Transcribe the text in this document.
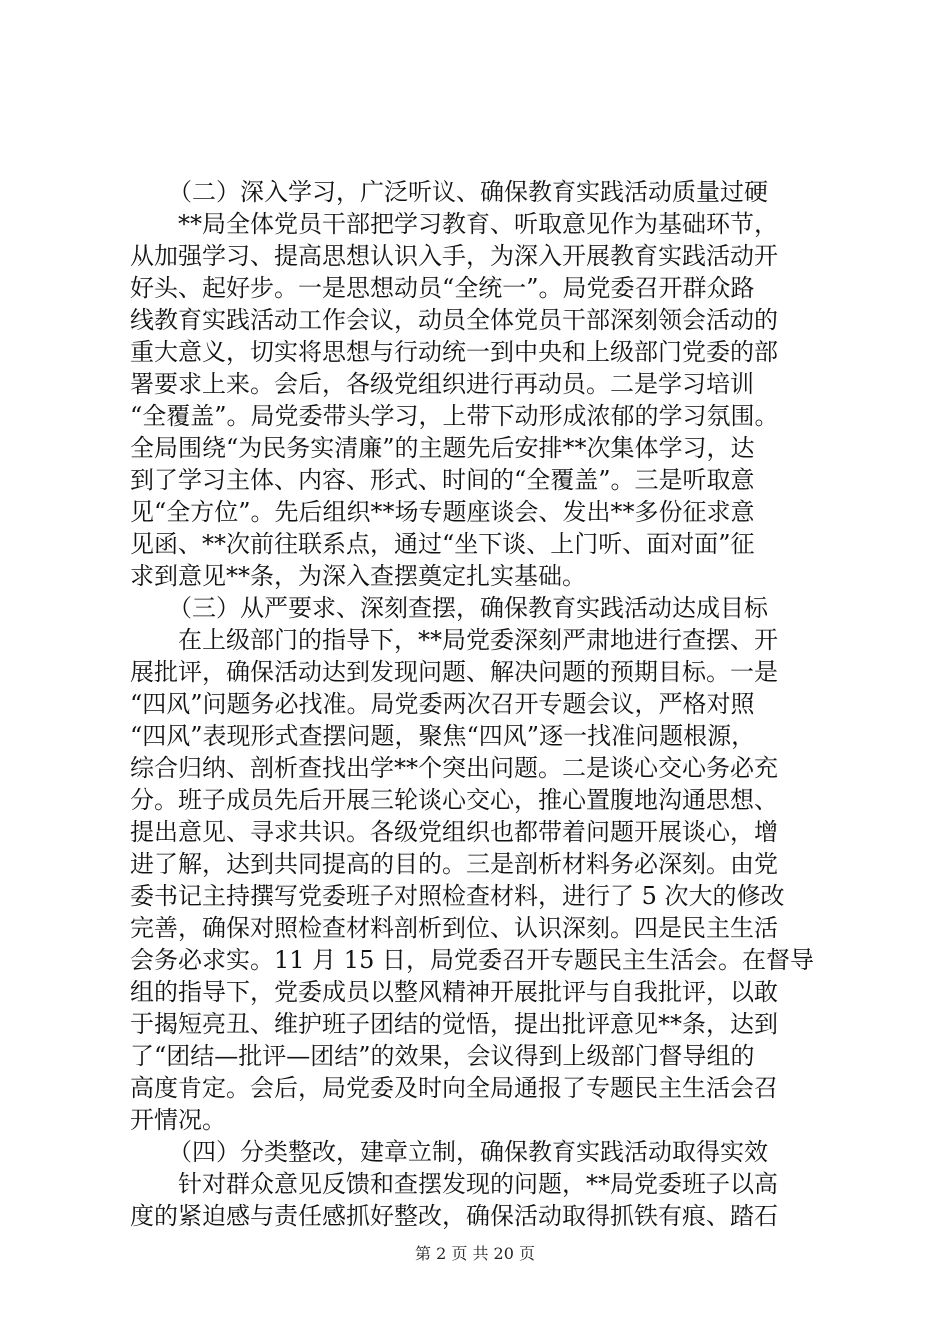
（二）深入学习，广泛听议、确保教育实践活动质量过硬
**局全体党员干部把学习教育、听取意见作为基础环节，
从加强学习、提高思想认识入手，为深入开展教育实践活动开
好头、起好步。一是思想动员“全统一”。局党委召开群众路
线教育实践活动工作会议，动员全体党员干部深刻领会活动的
重大意义，切实将思想与行动统一到中央和上级部门党委的部
署要求上来。会后，各级党组织进行再动员。二是学习培训
“全覆盖”。局党委带头学习，上带下动形成浓郁的学习氛围。
全局围绕“为民务实清廉”的主题先后安排**次集体学习，达
到了学习主体、内容、形式、时间的“全覆盖”。三是听取意
见“全方位”。先后组织**场专题座谈会、发出**多份征求意
见函、**次前往联系点，通过“坐下谈、上门听、面对面”征
求到意见**条，为深入查摆奠定扎实基础。
（三）从严要求、深刻查摆，确保教育实践活动达成目标
在上级部门的指导下，**局党委深刻严肃地进行查摆、开
展批评，确保活动达到发现问题、解决问题的预期目标。一是
“四风”问题务必找准。局党委两次召开专题会议，严格对照
“四风”表现形式查摆问题，聚焦“四风”逐一找准问题根源，
综合归纳、剖析查找出学**个突出问题。二是谈心交心务必充
分。班子成员先后开展三轮谈心交心，推心置腹地沟通思想、
提出意见、寻求共识。各级党组织也都带着问题开展谈心，增
进了解，达到共同提高的目的。三是剖析材料务必深刻。由党
委书记主持撰写党委班子对照检查材料，进行了 5 次大的修改
完善，确保对照检查材料剖析到位、认识深刻。四是民主生活
会务必求实。11 月 15 日，局党委召开专题民主生活会。在督导
组的指导下，党委成员以整风精神开展批评与自我批评，以敢
于揭短亮丑、维护班子团结的觉悟，提出批评意见**条，达到
了“团结—批评—团结”的效果，会议得到上级部门督导组的
高度肯定。会后，局党委及时向全局通报了专题民主生活会召
开情况。
（四）分类整改，建章立制，确保教育实践活动取得实效
针对群众意见反馈和查摆发现的问题，**局党委班子以高
度的紧迫感与责任感抓好整改，确保活动取得抓铁有痕、踏石
第 2 页 共 20 页
